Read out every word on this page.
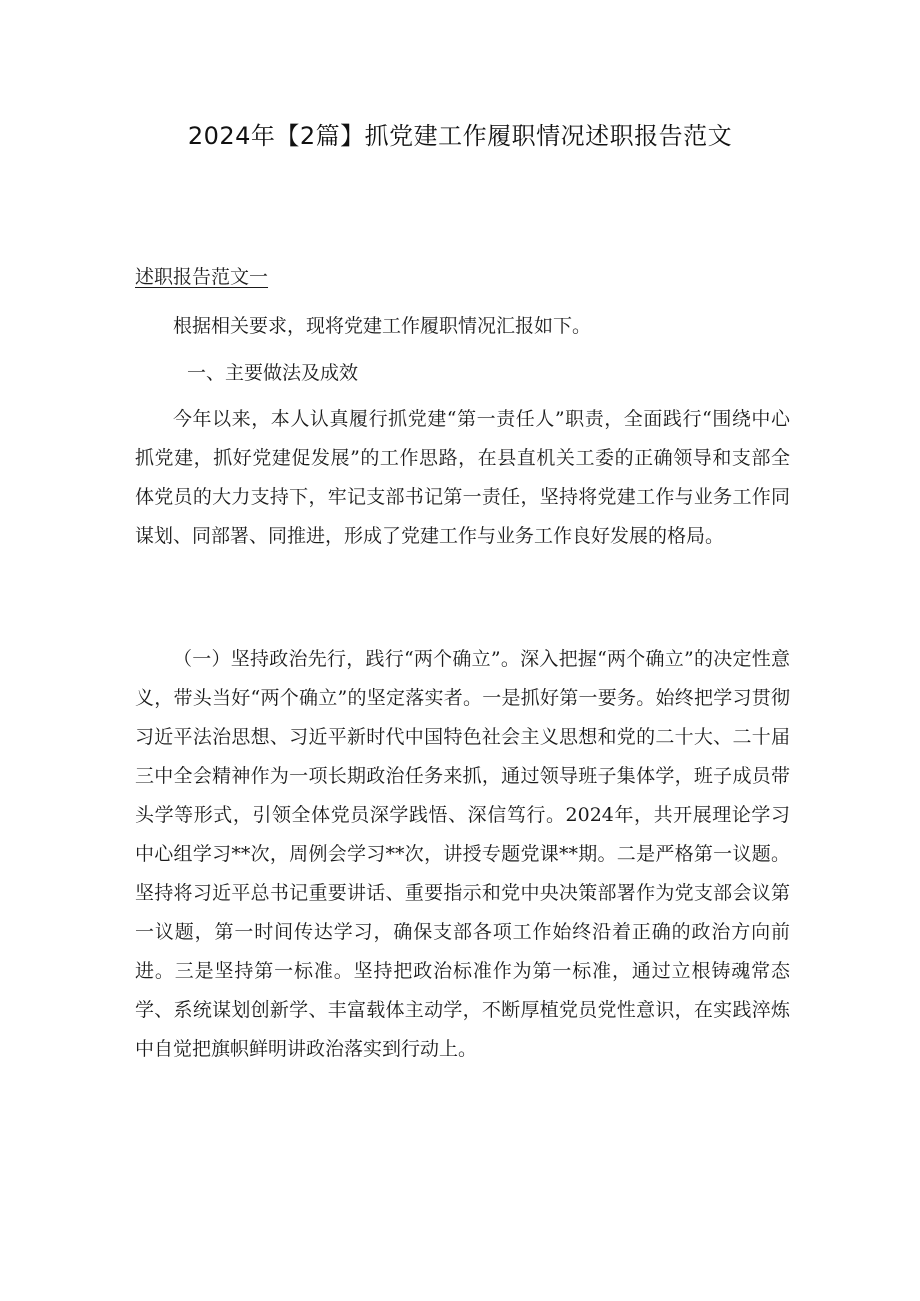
2024年【2篇】抓党建工作履职情况述职报告范文

述职报告范文一

根据相关要求，现将党建工作履职情况汇报如下。

一、主要做法及成效

今年以来，本人认真履行抓党建“第一责任人”职责，全面践行“围绕中心抓党建，抓好党建促发展”的工作思路，在县直机关工委的正确领导和支部全体党员的大力支持下，牢记支部书记第一责任，坚持将党建工作与业务工作同谋划、同部署、同推进，形成了党建工作与业务工作良好发展的格局。

（一）坚持政治先行，践行“两个确立”。深入把握“两个确立”的决定性意义，带头当好“两个确立”的坚定落实者。一是抓好第一要务。始终把学习贯彻习近平法治思想、习近平新时代中国特色社会主义思想和党的二十大、二十届三中全会精神作为一项长期政治任务来抓，通过领导班子集体学，班子成员带头学等形式，引领全体党员深学践悟、深信笃行。2024年，共开展理论学习中心组学习**次，周例会学习**次，讲授专题党课**期。二是严格第一议题。坚持将习近平总书记重要讲话、重要指示和党中央决策部署作为党支部会议第一议题，第一时间传达学习，确保支部各项工作始终沿着正确的政治方向前进。三是坚持第一标准。坚持把政治标准作为第一标准，通过立根铸魂常态学、系统谋划创新学、丰富载体主动学，不断厚植党员党性意识，在实践淬炼中自觉把旗帜鲜明讲政治落实到行动上。
